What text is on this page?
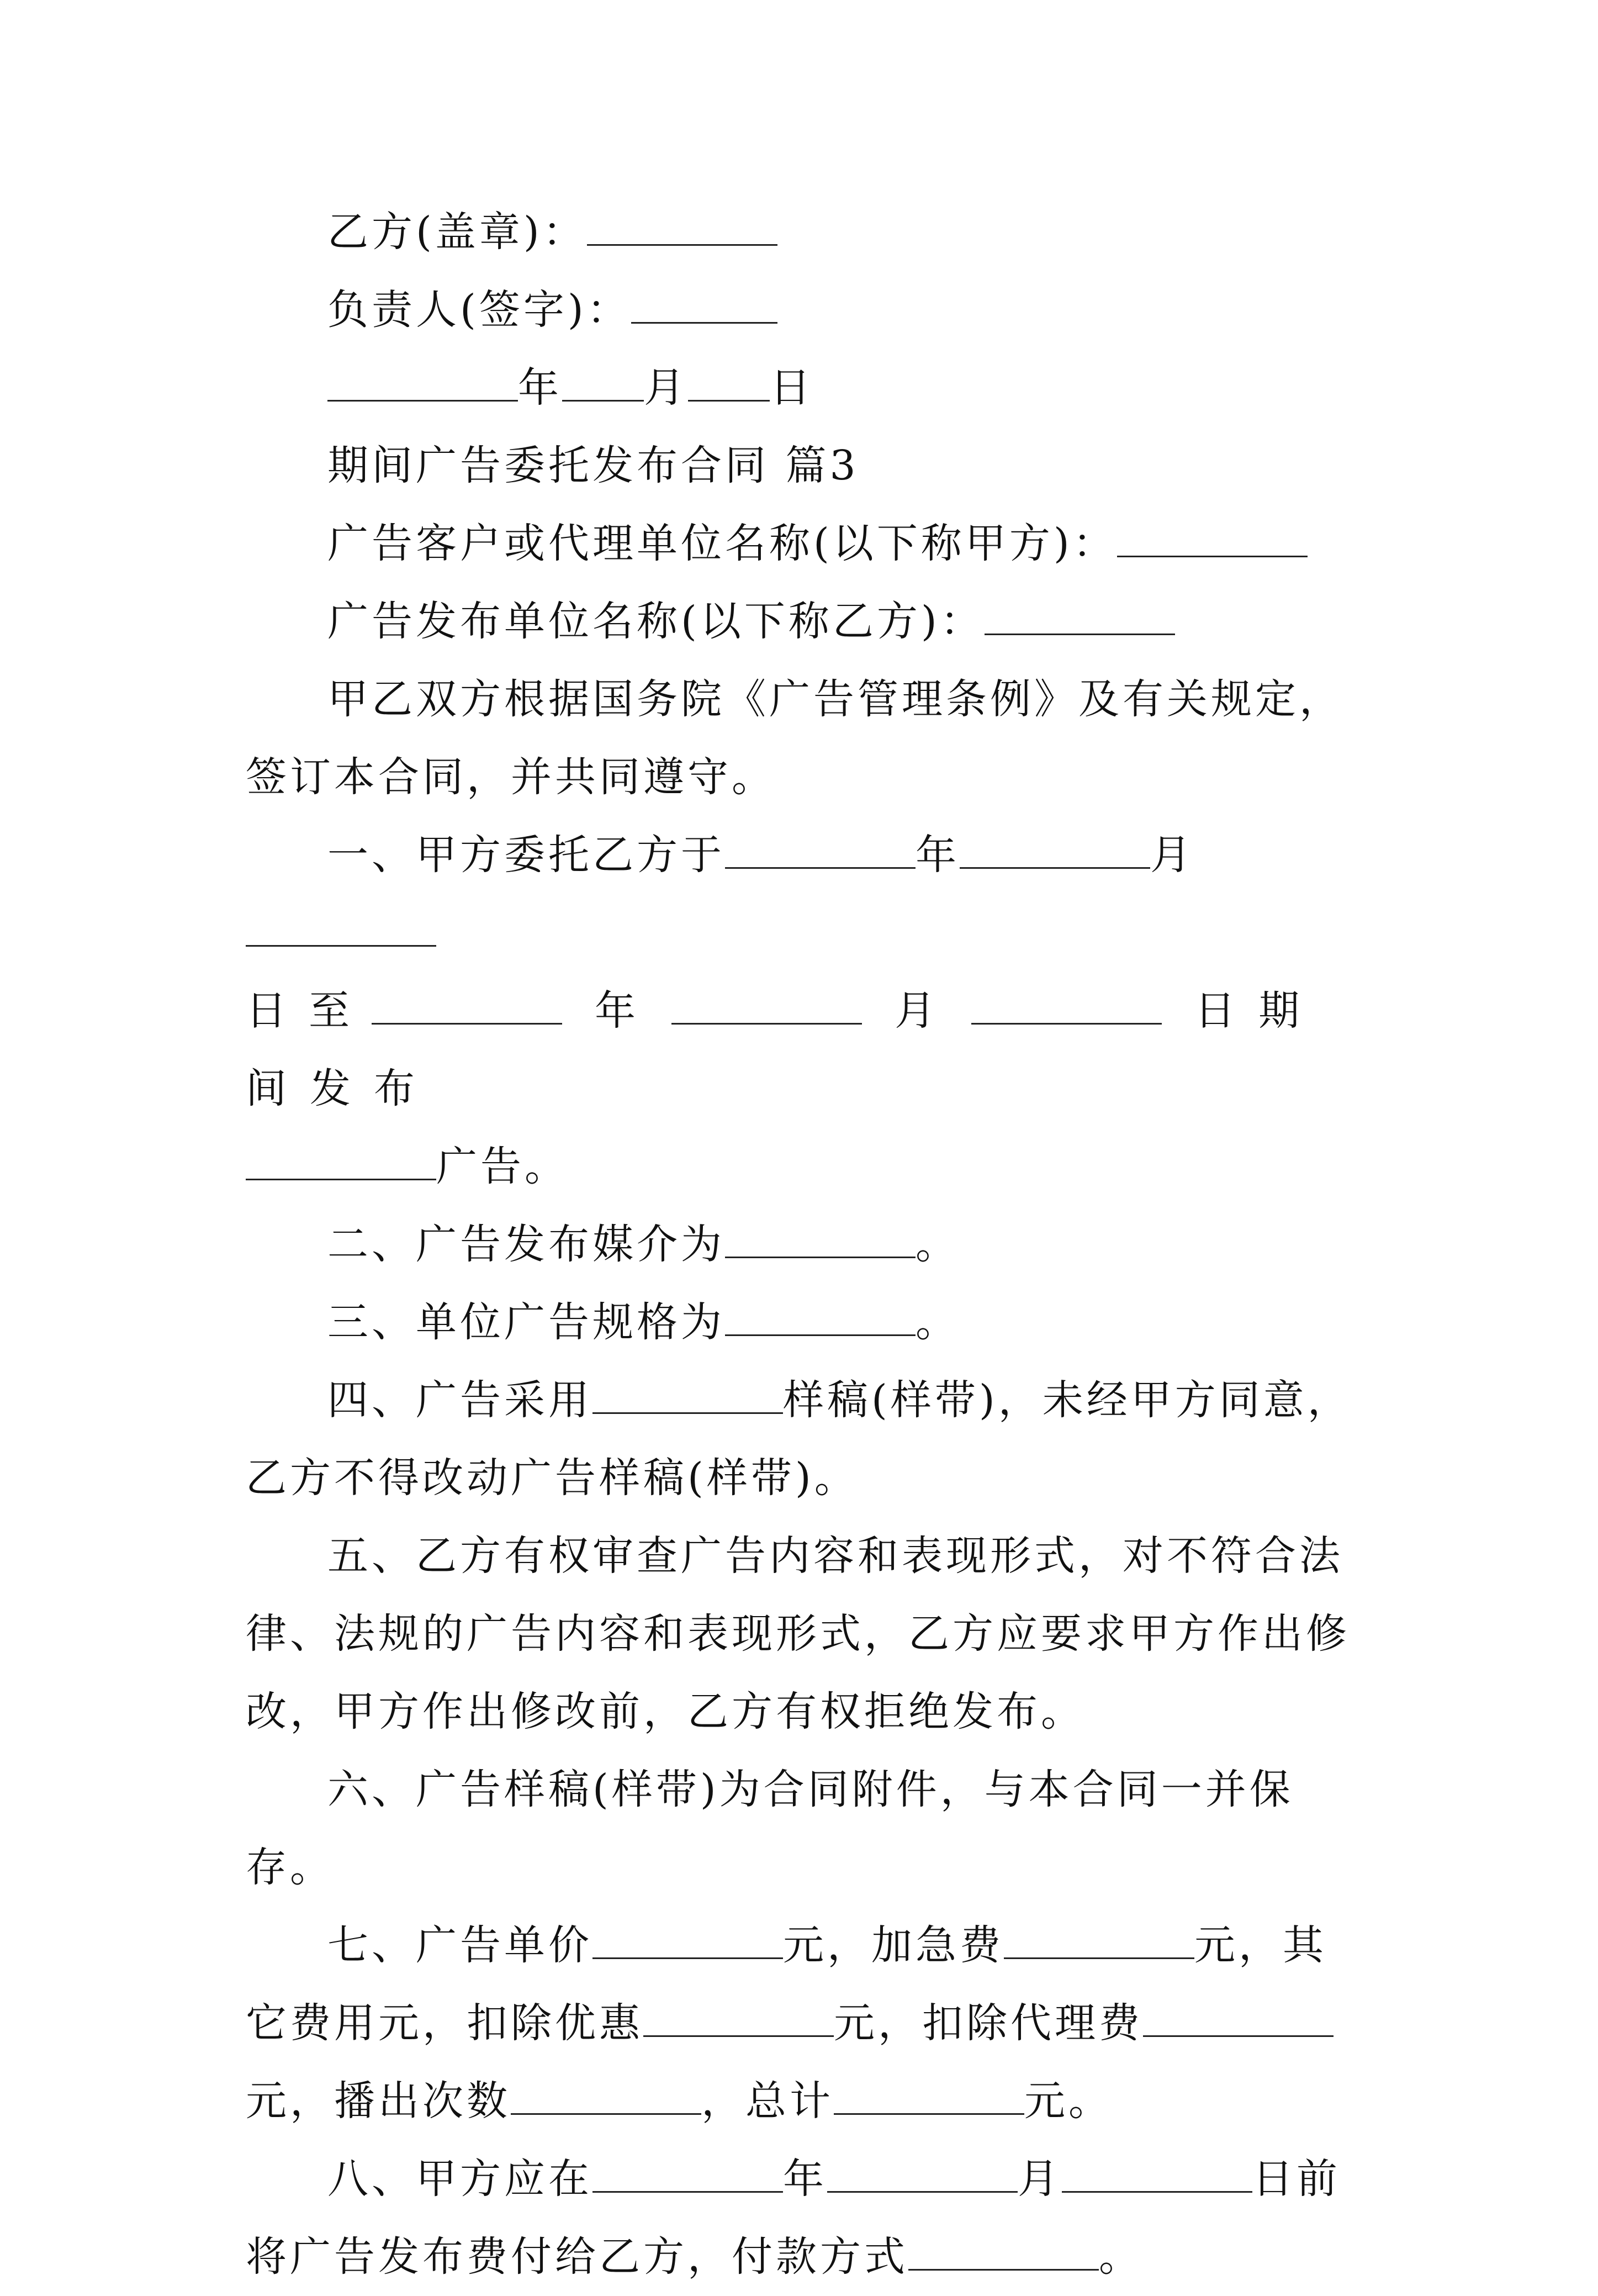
乙方(盖章)：

负责人(签字)：

年 月 日

期间广告委托发布合同 篇3

广告客户或代理单位名称(以下称甲方)：

广告发布单位名称(以下称乙方)：

甲乙双方根据国务院《广告管理条例》及有关规定，签订本合同，并共同遵守。

一、甲方委托乙方于	年	月
日至	年	月	日期间发布
广告。

二、广告发布媒介为	。

三、单位广告规格为	。

四、广告采用	样稿(样带)，未经甲方同意，乙方不得改动广告样稿(样带)。

五、乙方有权审查广告内容和表现形式，对不符合法律、法规的广告内容和表现形式，乙方应要求甲方作出修改，甲方作出修改前，乙方有权拒绝发布。

六、广告样稿(样带)为合同附件，与本合同一并保存。

七、广告单价	元，加急费	元，其它费用元，扣除优惠	元，扣除代理费元，播出次数	，总计	元。

八、甲方应在	年	月	日前将广告发布费付给乙方，付款方式	。
